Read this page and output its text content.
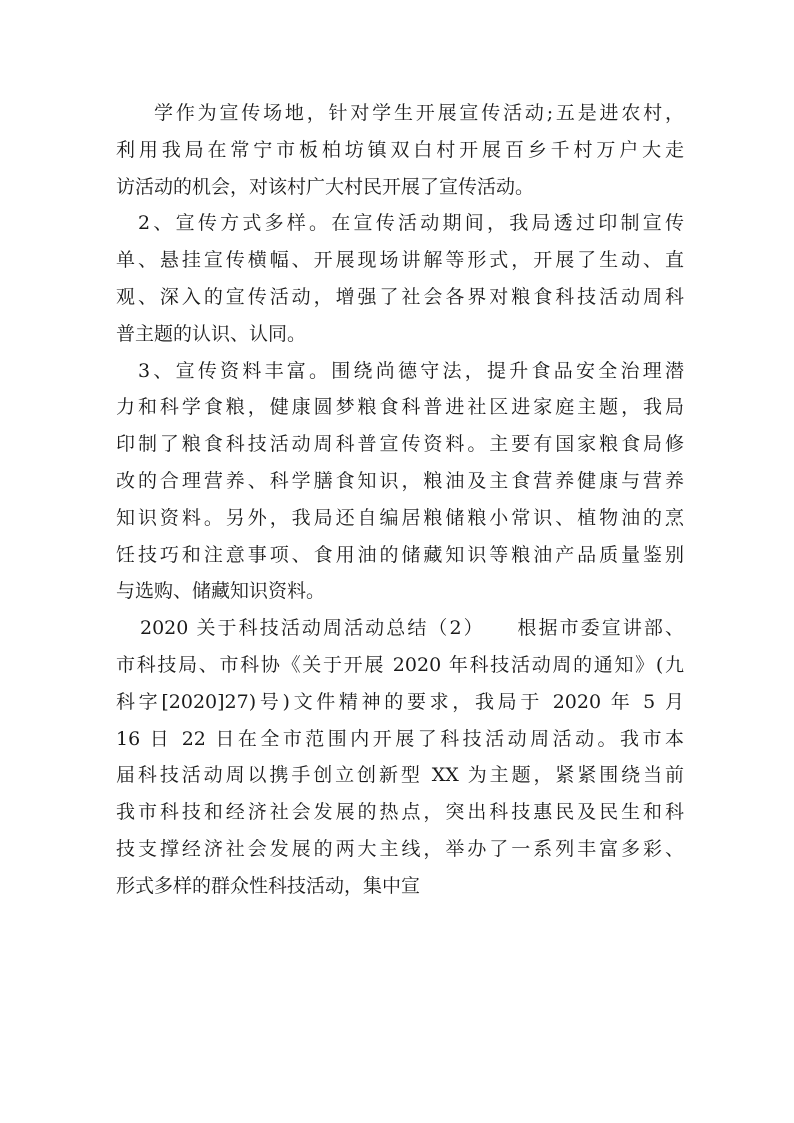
学作为宣传场地，针对学生开展宣传活动;五是进农村，
利用我局在常宁市板柏坊镇双白村开展百乡千村万户大走
访活动的机会，对该村广大村民开展了宣传活动。
2、宣传方式多样。在宣传活动期间，我局透过印制宣传
单、悬挂宣传横幅、开展现场讲解等形式，开展了生动、直
观、深入的宣传活动，增强了社会各界对粮食科技活动周科
普主题的认识、认同。
3、宣传资料丰富。围绕尚德守法，提升食品安全治理潜
力和科学食粮，健康圆梦粮食科普进社区进家庭主题，我局
印制了粮食科技活动周科普宣传资料。主要有国家粮食局修
改的合理营养、科学膳食知识，粮油及主食营养健康与营养
知识资料。另外，我局还自编居粮储粮小常识、植物油的烹
饪技巧和注意事项、食用油的储藏知识等粮油产品质量鉴别
与选购、储藏知识资料。
2020 关于科技活动周活动总结（2）　　根据市委宣讲部、
市科技局、市科协《关于开展 2020 年科技活动周的通知》(九
科字[2020]27)号)文件精神的要求，我局于 2020 年 5 月
16 日 22 日在全市范围内开展了科技活动周活动。我市本
届科技活动周以携手创立创新型 XX 为主题，紧紧围绕当前
我市科技和经济社会发展的热点，突出科技惠民及民生和科
技支撑经济社会发展的两大主线，举办了一系列丰富多彩、
形式多样的群众性科技活动，集中宣
